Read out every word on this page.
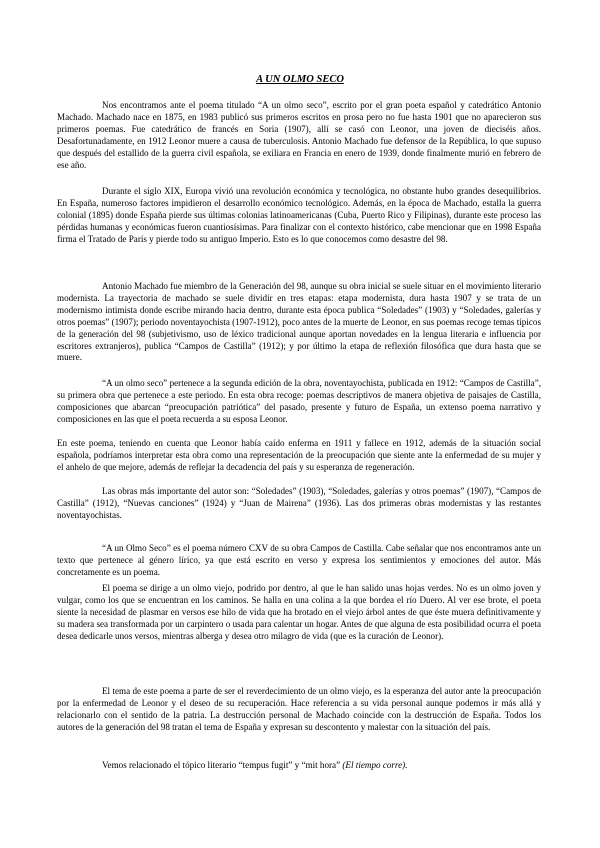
A UN OLMO SECO

Nos encontramos ante el poema titulado “A un olmo seco”, escrito por el gran poeta español y catedrático Antonio Machado. Machado nace en 1875, en 1983 publicó sus primeros escritos en prosa pero no fue hasta 1901 que no aparecieron sus primeros poemas. Fue catedrático de francés en Soria (1907), allí se casó con Leonor, una joven de dieciséis años. Desafortunadamente, en 1912 Leonor muere a causa de tuberculosis. Antonio Machado fue defensor de la República, lo que supuso que después del estallido de la guerra civil española, se exiliara en Francia en enero de 1939, donde finalmente murió en febrero de ese año.

Durante el siglo XIX, Europa vivió una revolución económica y tecnológica, no obstante hubo grandes desequilibrios. En España, numeroso factores impidieron el desarrollo económico tecnológico. Además, en la época de Machado, estalla la guerra colonial (1895) donde España pierde sus últimas colonias latinoamericanas (Cuba, Puerto Rico y Filipinas), durante este proceso las pérdidas humanas y económicas fueron cuantiosísimas. Para finalizar con el contexto histórico, cabe mencionar que en 1998 España firma el Tratado de París y pierde todo su antiguo Imperio. Esto es lo que conocemos como desastre del 98.

Antonio Machado fue miembro de la Generación del 98, aunque su obra inicial se suele situar en el movimiento literario modernista. La trayectoria de machado se suele dividir en tres etapas: etapa modernista, dura hasta 1907 y se trata de un modernismo intimista donde escribe mirando hacia dentro, durante esta época publica “Soledades” (1903) y “Soledades, galerías y otros poemas” (1907); periodo noventayochista (1907-1912), poco antes de la muerte de Leonor, en sus poemas recoge temas típicos de la generación del 98 (subjetivismo, uso de léxico tradicional aunque aportan novedades en la lengua literaria e influencia por escritores extranjeros), publica “Campos de Castilla” (1912); y por último la etapa de reflexión filosófica que dura hasta que se muere.

“A un olmo seco” pertenece a la segunda edición de la obra, noventayochista, publicada en 1912: “Campos de Castilla”, su primera obra que pertenece a este periodo. En esta obra recoge: poemas descriptivos de manera objetiva de paisajes de Castilla, composiciones que abarcan “preocupación patriótica” del pasado, presente y futuro de España, un extenso poema narrativo y composiciones en las que el poeta recuerda a su esposa Leonor.

En este poema, teniendo en cuenta que Leonor había caído enferma en 1911 y fallece en 1912, además de la situación social española, podríamos interpretar esta obra como una representación de la preocupación que siente ante la enfermedad de su mujer y el anhelo de que mejore, además de reflejar la decadencia del país y su esperanza de regeneración.

Las obras más importante del autor son: “Soledades” (1903), “Soledades, galerías y otros poemas” (1907), “Campos de Castilla” (1912), “Nuevas canciones” (1924) y “Juan de Mairena” (1936). Las dos primeras obras modernistas y las restantes noventayochistas.

“A un Olmo Seco” es el poema número CXV de su obra Campos de Castilla. Cabe señalar que nos encontramos ante un texto que pertenece al género lírico, ya que está escrito en verso y expresa los sentimientos y emociones del autor. Más concretamente es un poema.

El poema se dirige a un olmo viejo, podrido por dentro, al que le han salido unas hojas verdes. No es un olmo joven y vulgar, como los que se encuentran en los caminos. Se halla en una colina a la que bordea el río Duero. Al ver ese brote, el poeta siente la necesidad de plasmar en versos ese hilo de vida que ha brotado en el viejo árbol antes de que éste muera definitivamente y su madera sea transformada por un carpintero o usada para calentar un hogar. Antes de que alguna de esta posibilidad ocurra el poeta desea dedicarle unos versos, mientras alberga y desea otro milagro de vida (que es la curación de Leonor).

El tema de este poema a parte de ser el reverdecimiento de un olmo viejo, es la esperanza del autor ante la preocupación por la enfermedad de Leonor y el deseo de su recuperación. Hace referencia a su vida personal aunque podemos ir más allá y relacionarlo con el sentido de la patria. La destrucción personal de Machado coincide con la destrucción de España. Todos los autores de la generación del 98 tratan el tema de España y expresan su descontento y malestar con la situación del país.

Vemos relacionado el tópico literario “tempus fugit” y “mit hora” (El tiempo corre).
